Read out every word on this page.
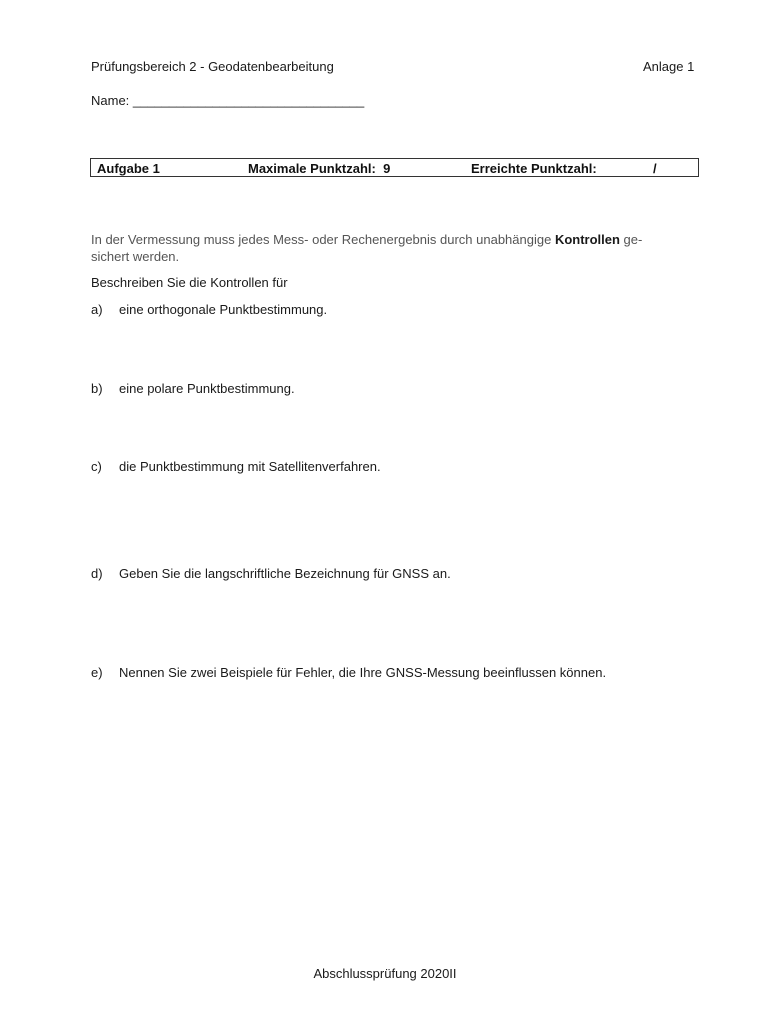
Prüfungsbereich 2 - Geodatenbearbeitung	Anlage 1
Name: ________________________________
Aufgabe 1	Maximale Punktzahl: 9	Erreichte Punktzahl:	/
In der Vermessung muss jedes Mess- oder Rechenergebnis durch unabhängige Kontrollen ge-
sichert werden.
Beschreiben Sie die Kontrollen für
a) eine orthogonale Punktbestimmung.
b) eine polare Punktbestimmung.
c) die Punktbestimmung mit Satellitenverfahren.
d) Geben Sie die langschriftliche Bezeichnung für GNSS an.
e) Nennen Sie zwei Beispiele für Fehler, die Ihre GNSS-Messung beeinflussen können.
Abschlussprüfung 2020II
